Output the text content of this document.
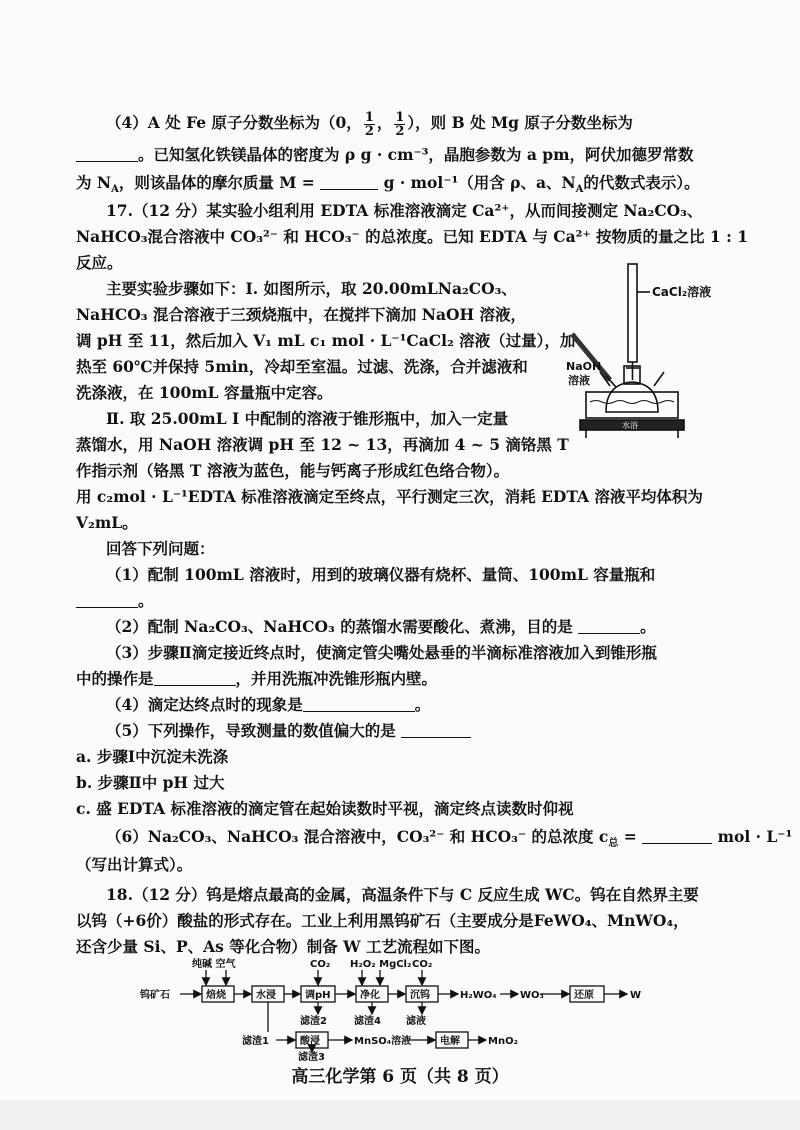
（4）A 处 Fe 原子分数坐标为（0， $\frac{1}{2}$ ， $\frac{1}{2}$ ），则 B 处 Mg 原子分数坐标为
。已知氢化铁镁晶体的密度为 ρ g · cm⁻³，晶胞参数为 a pm，阿伏加德罗常数
为 $N_A$，则该晶体的摩尔质量 M =	g · mol⁻¹（用含 ρ、a、$N_A$的代数式表示）。
17.（12 分）某实验小组利用 EDTA 标准溶液滴定 Ca²⁺，从而间接测定 Na₂CO₃、
NaHCO₃混合溶液中 CO₃²⁻ 和 HCO₃⁻ 的总浓度。已知 EDTA 与 Ca²⁺ 按物质的量之比 1 : 1
反应。
主要实验步骤如下：Ⅰ. 如图所示，取 20.00mLNa₂CO₃、
NaHCO₃ 混合溶液于三颈烧瓶中，在搅拌下滴加 NaOH 溶液，
调 pH 至 11，然后加入 V₁ mL c₁ mol · L⁻¹CaCl₂ 溶液（过量），加
热至 60℃并保持 5min，冷却至室温。过滤、洗涤，合并滤液和
洗涤液，在 100mL 容量瓶中定容。
Ⅱ. 取 25.00mL Ⅰ 中配制的溶液于锥形瓶中，加入一定量
蒸馏水，用 NaOH 溶液调 pH 至 12 ~ 13，再滴加 4 ~ 5 滴铬黑 T
作指示剂（铬黑 T 溶液为蓝色，能与钙离子形成红色络合物）。
用 c₂mol · L⁻¹EDTA 标准溶液滴定至终点，平行测定三次，消耗 EDTA 溶液平均体积为
V₂mL。
CaCl₂溶液
NaOH
溶液
水浴
回答下列问题：
（1）配制 100mL 溶液时，用到的玻璃仪器有烧杯、量筒、100mL 容量瓶和
。
（2）配制 Na₂CO₃、NaHCO₃ 的蒸馏水需要酸化、煮沸，目的是	。
（3）步骤Ⅱ滴定接近终点时，使滴定管尖嘴处悬垂的半滴标准溶液加入到锥形瓶
中的操作是	，并用洗瓶冲洗锥形瓶内壁。
（4）滴定达终点时的现象是	。
（5）下列操作，导致测量的数值偏大的是
a. 步骤Ⅰ中沉淀未洗涤
b. 步骤Ⅱ中 pH 过大
c. 盛 EDTA 标准溶液的滴定管在起始读数时平视，滴定终点读数时仰视
（6）Na₂CO₃、NaHCO₃ 混合溶液中，CO₃²⁻ 和 HCO₃⁻ 的总浓度 $c_总$ =	mol · L⁻¹
（写出计算式）。
18.（12 分）钨是熔点最高的金属，高温条件下与 C 反应生成 WC。钨在自然界主要
以钨（+6价）酸盐的形式存在。工业上利用黑钨矿石（主要成分是FeWO₄、MnWO₄，
还含少量 Si、P、As 等化合物）制备 W 工艺流程如下图。
高三化学第 6 页（共 8 页）
纯碱 空气	CO₂ H₂O₂ MgCl₂ CO₂
钨矿石	焙烧	水浸	调pH	净化	沉钨	H₂WO₄ WO₃	还原	W
滤渣2	滤渣4	滤液
滤渣1	酸浸	MnSO₄溶液	电解	MnO₂
滤渣3
